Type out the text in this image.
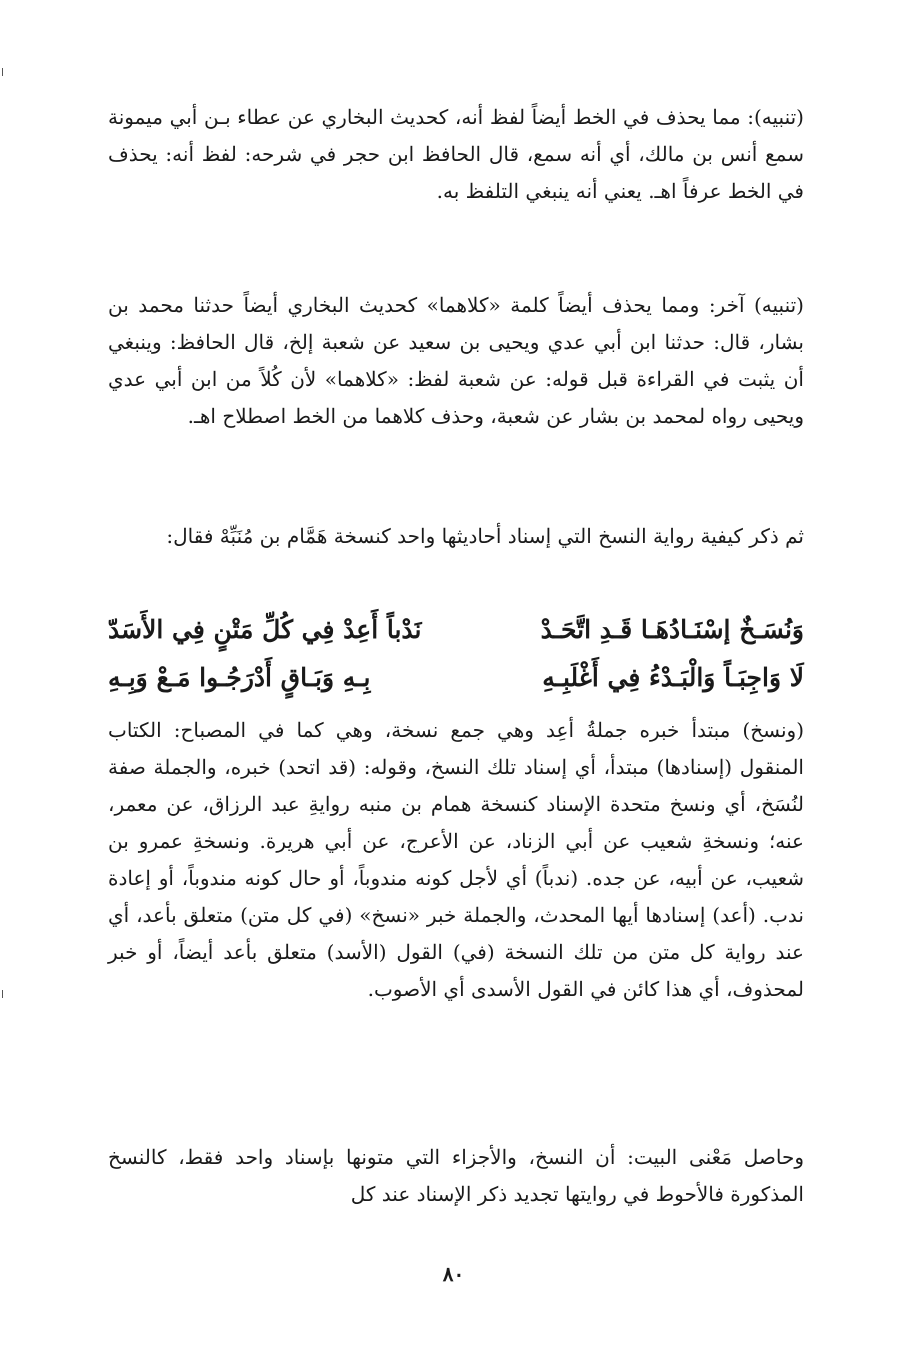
(تنبيه): مما يحذف في الخط أيضاً لفظ أنه، كحديث البخاري عن عطاء بـن أبي ميمونة سمع أنس بن مالك، أي أنه سمع، قال الحافظ ابن حجر في شرحه: لفظ أنه: يحذف في الخط عرفاً اهـ. يعني أنه ينبغي التلفظ به.

(تنبيه) آخر: ومما يحذف أيضاً كلمة «كلاهما» كحديث البخاري أيضاً حدثنا محمد بن بشار، قال: حدثنا ابن أبي عدي ويحيى بن سعيد عن شعبة إلخ، قال الحافظ: وينبغي أن يثبت في القراءة قبل قوله: عن شعبة لفظ: «كلاهما» لأن كُلاً من ابن أبي عدي ويحيى رواه لمحمد بن بشار عن شعبة، وحذف كلاهما من الخط اصطلاح اهـ.

ثم ذكر كيفية رواية النسخ التي إسناد أحاديثها واحد كنسخة هَمَّام بن مُنَبِّهْ فقال:

وَنُسَـخٌ إسْنَـادُهَـا قَـدِ اتَّحَـدْ
نَدْباً أَعِدْ فِي كُلِّ مَتْنٍ فِي الأَسَدّ
لَا وَاجِبَـاً وَالْبَـدْءُ فِي أَغْلَبِـهِ
بِـهِ وَبَـاقٍ أَدْرَجُـوا مَـعْ وَبِـهِ

(ونسخ) مبتدأ خبره جملةُ أعِد وهي جمع نسخة، وهي كما في المصباح: الكتاب المنقول (إسنادها) مبتدأ، أي إسناد تلك النسخ، وقوله: (قد اتحد) خبره، والجملة صفة لنُسَخ، أي ونسخ متحدة الإسناد كنسخة همام بن منبه روايةِ عبد الرزاق، عن معمر، عنه؛ ونسخةِ شعيب عن أبي الزناد، عن الأعرج، عن أبي هريرة. ونسخةِ عمرو بن شعيب، عن أبيه، عن جده. (ندباً) أي لأجل كونه مندوباً، أو حال كونه مندوباً، أو إعادة ندب. (أعد) إسنادها أيها المحدث، والجملة خبر «نسخ» (في كل متن) متعلق بأعد، أي عند رواية كل متن من تلك النسخة (في) القول (الأسد) متعلق بأعد أيضاً، أو خبر لمحذوف، أي هذا كائن في القول الأسدى أي الأصوب.

وحاصل مَعْنى البيت: أن النسخ، والأجزاء التي متونها بإسناد واحد فقط، كالنسخ المذكورة فالأحوط في روايتها تجديد ذكر الإسناد عند كل

٨٠
